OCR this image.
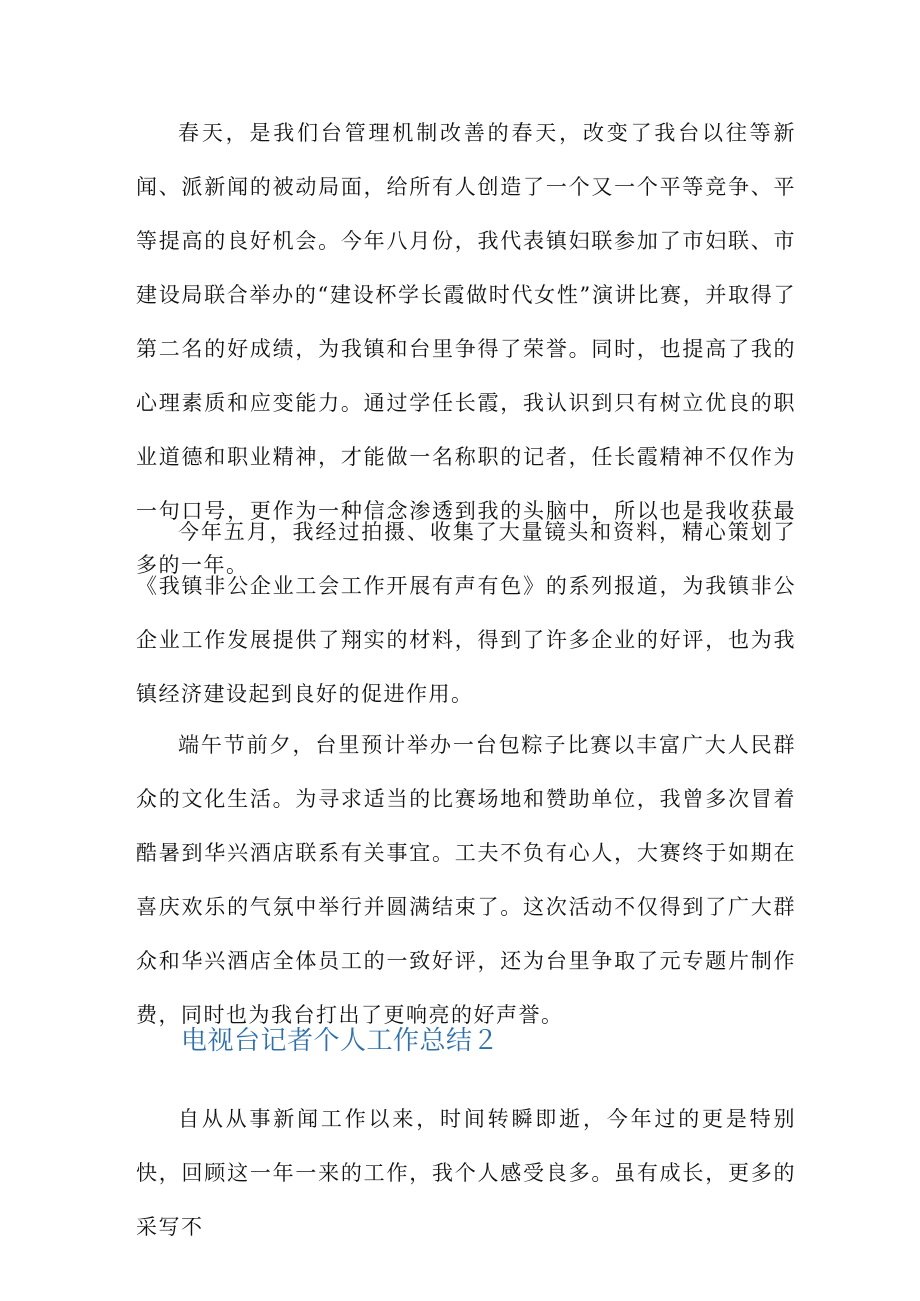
春天，是我们台管理机制改善的春天，改变了我台以往等新闻、派新闻的被动局面，给所有人创造了一个又一个平等竞争、平等提高的良好机会。今年八月份，我代表镇妇联参加了市妇联、市建设局联合举办的“建设杯学长霞做时代女性”演讲比赛，并取得了第二名的好成绩，为我镇和台里争得了荣誉。同时，也提高了我的心理素质和应变能力。通过学任长霞，我认识到只有树立优良的职业道德和职业精神，才能做一名称职的记者，任长霞精神不仅作为一句口号，更作为一种信念渗透到我的头脑中，所以也是我收获最多的一年。

今年五月，我经过拍摄、收集了大量镜头和资料，精心策划了《我镇非公企业工会工作开展有声有色》的系列报道，为我镇非公企业工作发展提供了翔实的材料，得到了许多企业的好评，也为我镇经济建设起到良好的促进作用。

端午节前夕，台里预计举办一台包粽子比赛以丰富广大人民群众的文化生活。为寻求适当的比赛场地和赞助单位，我曾多次冒着酷暑到华兴酒店联系有关事宜。工夫不负有心人，大赛终于如期在喜庆欢乐的气氛中举行并圆满结束了。这次活动不仅得到了广大群众和华兴酒店全体员工的一致好评，还为台里争取了元专题片制作费，同时也为我台打出了更响亮的好声誉。

电视台记者个人工作总结２

自从从事新闻工作以来，时间转瞬即逝，今年过的更是特别快，回顾这一年一来的工作，我个人感受良多。虽有成长，更多的采写不
